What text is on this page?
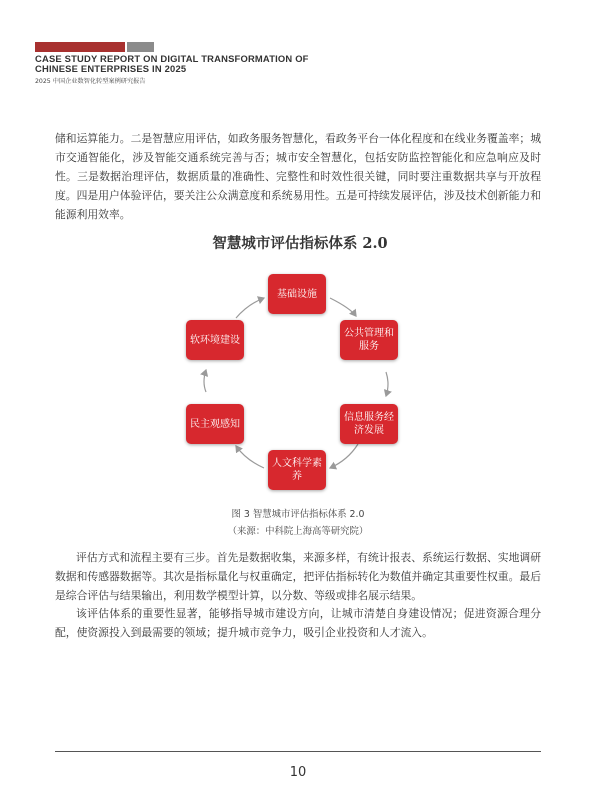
CASE STUDY REPORT ON DIGITAL TRANSFORMATION OF
CHINESE ENTERPRISES IN 2025
2025 中国企业数智化转型案例研究报告

储和运算能力。二是智慧应用评估，如政务服务智慧化，看政务平台一体化程度和在线业务覆盖率；城市交通智能化，涉及智能交通系统完善与否；城市安全智慧化，包括安防监控智能化和应急响应及时性。三是数据治理评估，数据质量的准确性、完整性和时效性很关键，同时要注重数据共享与开放程度。四是用户体验评估，要关注公众满意度和系统易用性。五是可持续发展评估，涉及技术创新能力和能源利用效率。

智慧城市评估指标体系 2.0
基础设施
公共管理和服务
信息服务经济发展
人文科学素养
民主观感知
软环境建设
图 3 智慧城市评估指标体系 2.0
（来源：中科院上海高等研究院）

评估方式和流程主要有三步。首先是数据收集，来源多样，有统计报表、系统运行数据、实地调研数据和传感器数据等。其次是指标量化与权重确定，把评估指标转化为数值并确定其重要性权重。最后是综合评估与结果输出，利用数学模型计算，以分数、等级或排名展示结果。

该评估体系的重要性显著，能够指导城市建设方向，让城市清楚自身建设情况；促进资源合理分配，使资源投入到最需要的领域；提升城市竞争力，吸引企业投资和人才流入。

10
